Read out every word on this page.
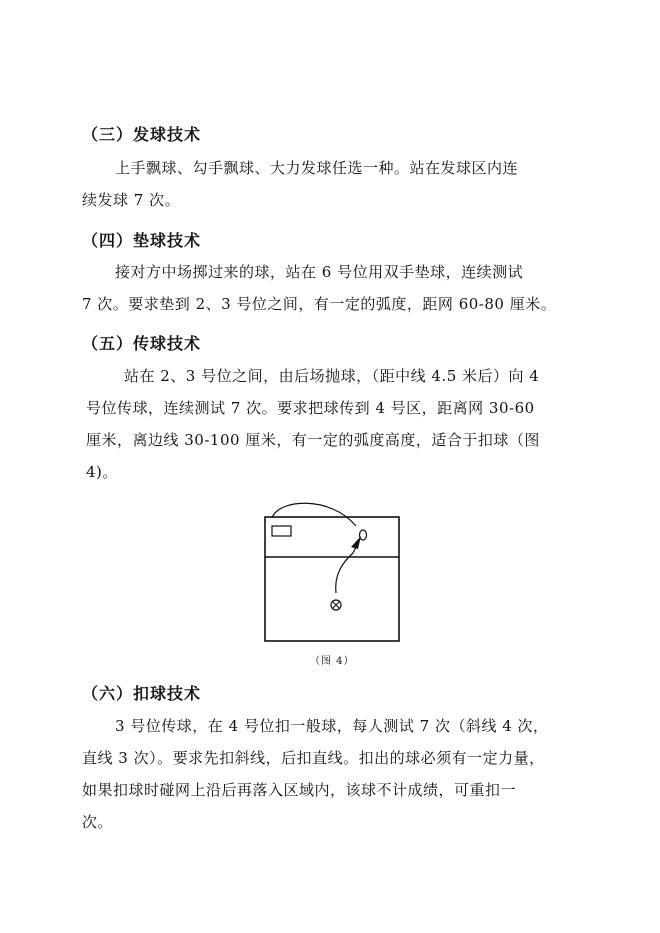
（三）发球技术
上手飘球、勾手飘球、大力发球任选一种。站在发球区内连
续发球 7 次。
（四）垫球技术
接对方中场掷过来的球，站在 6 号位用双手垫球，连续测试
7 次。要求垫到 2、3 号位之间，有一定的弧度，距网 60-80 厘米。
（五）传球技术
站在 2、3 号位之间，由后场抛球，（距中线 4.5 米后）向 4
号位传球，连续测试 7 次。要求把球传到 4 号区，距离网 30-60
厘米，离边线 30-100 厘米，有一定的弧度高度，适合于扣球（图
4)。
（图 4）
（六）扣球技术
3 号位传球，在 4 号位扣一般球，每人测试 7 次（斜线 4 次，
直线 3 次）。要求先扣斜线，后扣直线。扣出的球必须有一定力量，
如果扣球时碰网上沿后再落入区域内，该球不计成绩，可重扣一
次。
